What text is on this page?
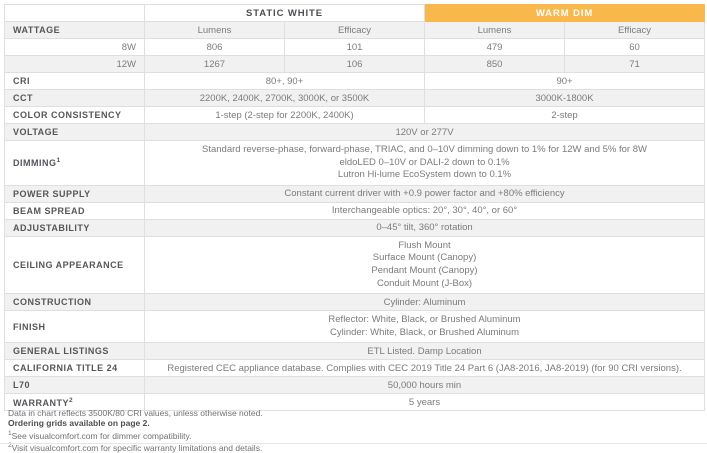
	STATIC WHITE		WARM DIM	
WATTAGE	Lumens	Efficacy	Lumens	Efficacy
8W	806	101	479	60
12W	1267	106	850	71
CRI	80+, 90+		90+	
CCT	2200K, 2400K, 2700K, 3000K, or 3500K		3000K-1800K	
COLOR CONSISTENCY	1-step (2-step for 2200K, 2400K)		2-step	
VOLTAGE	120V or 277V			
DIMMING$^1$	Standard reverse-phase, forward-phase, TRIAC, and 0–10V dimming down to 1% for 12W and 5% for 8W
eldoLED 0–10V or DALI-2 down to 0.1%
Lutron Hi-lume EcoSystem down to 0.1%			

POWER SUPPLY	Constant current driver with +0.9 power factor and +80% efficiency			
BEAM SPREAD	Interchangeable optics: 20°, 30°, 40°, or 60°			
ADJUSTABILITY	0–45° tilt, 360° rotation			
CEILING APPEARANCE	Flush Mount
Surface Mount (Canopy)
Pendant Mount (Canopy)
Conduit Mount (J-Box)			

CONSTRUCTION	Cylinder: Aluminum			
FINISH	Reflector: White, Black, or Brushed Aluminum
Cylinder: White, Black, or Brushed Aluminum			

GENERAL LISTINGS	ETL Listed. Damp Location			
CALIFORNIA TITLE 24	Registered CEC appliance database. Complies with CEC 2019 Title 24 Part 6 (JA8-2016, JA8-2019) (for 90 CRI versions).			
L70	50,000 hours min			
WARRANTY$^2$	5 years			
Data in chart reflects 3500K/80 CRI values, unless otherwise noted.
Ordering grids available on page 2.
$^1$See visualcomfort.com for dimmer compatibility.
$^2$Visit visualcomfort.com for specific warranty limitations and details.
